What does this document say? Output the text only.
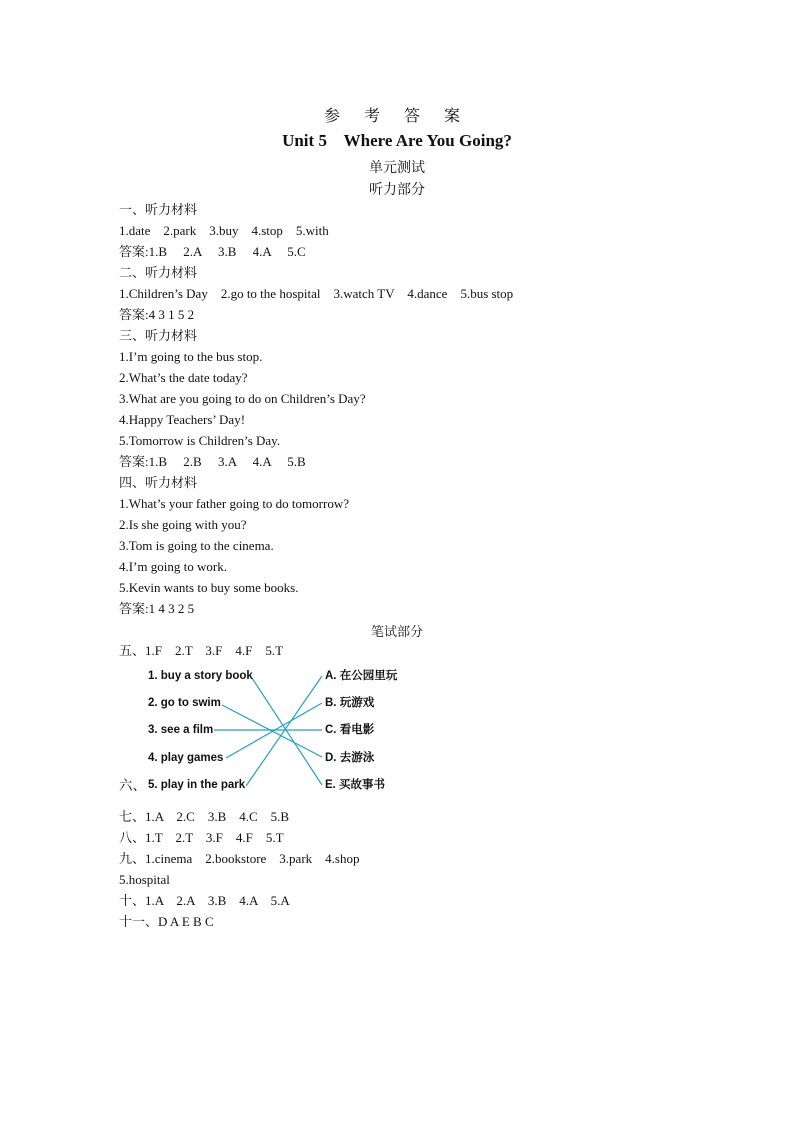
参 考 答 案
Unit 5    Where Are You Going?
单元测试
听力部分
一、听力材料
1.date    2.park    3.buy    4.stop    5.with
答案:1.B     2.A     3.B     4.A     5.C
二、听力材料
1.Children’s Day    2.go to the hospital    3.watch TV    4.dance    5.bus stop
答案:4 3 1 5 2
三、听力材料
1.I’m going to the bus stop.
2.What’s the date today?
3.What are you going to do on Children’s Day?
4.Happy Teachers’ Day!
5.Tomorrow is Children’s Day.
答案:1.B     2.B     3.A     4.A     5.B
四、听力材料
1.What’s your father going to do tomorrow?
2.Is she going with you?
3.Tom is going to the cinema.
4.I’m going to work.
5.Kevin wants to buy some books.
答案:1 4 3 2 5
笔试部分
五、1.F    2.T    3.F    4.F    5.T
1. buy a story book
2. go to swim
3. see a film
4. play games
六、 5. play in the park
A. 在公园里玩
B. 玩游戏
C. 看电影
D. 去游泳
E. 买故事书
七、1.A    2.C    3.B    4.C    5.B
八、1.T    2.T    3.F    4.F    5.T
九、1.cinema    2.bookstore    3.park    4.shop
5.hospital
十、1.A    2.A    3.B    4.A    5.A
十一、D A E B C
